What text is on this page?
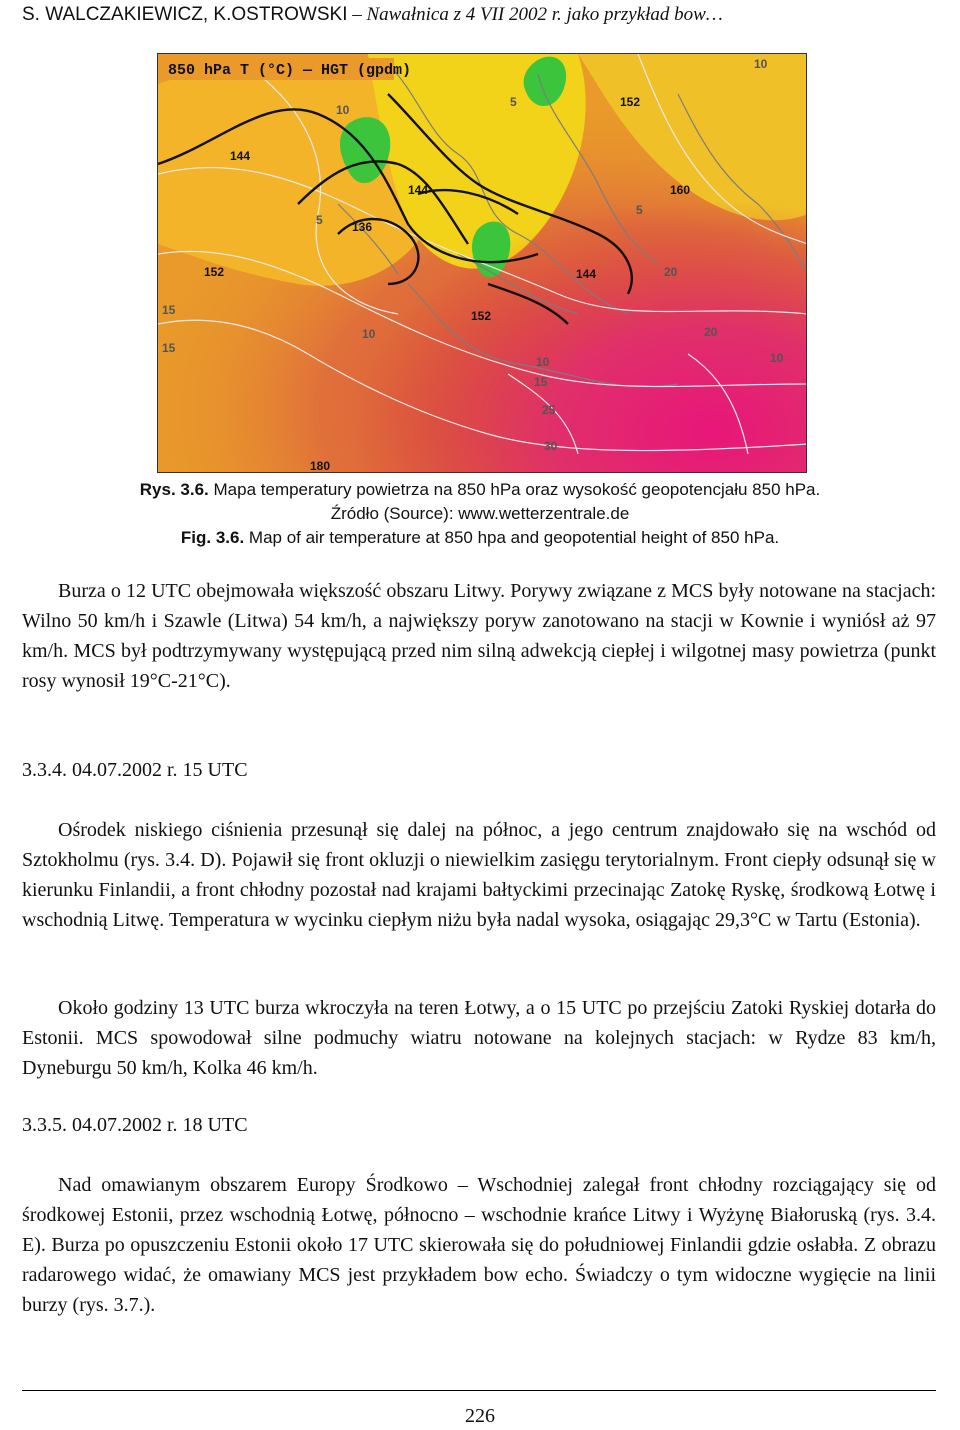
S. WALCZAKIEWICZ, K.OSTROWSKI – Nawałnica z 4 VII 2002 r. jako przykład bow…
850 hPa T (°C) — HGT (gpdm)	10
144
136
144
144
152
152
160
10
15
10
5
15
5
5
10
20
20
25
30
10
15
152
180
Rys. 3.6. Mapa temperatury powietrza na 850 hPa oraz wysokość geopotencjału 850 hPa.
Źródło (Source): www.wetterzentrale.de
Fig. 3.6. Map of air temperature at 850 hpa and geopotential height of 850 hPa.

Burza o 12 UTC obejmowała większość obszaru Litwy. Porywy związane z MCS były notowane na stacjach: Wilno 50 km/h i Szawle (Litwa) 54 km/h, a największy poryw zanotowano na stacji w Kownie i wyniósł aż 97 km/h. MCS był podtrzymywany występującą przed nim silną adwekcją ciepłej i wilgotnej masy powietrza (punkt rosy wynosił 19°C-21°C).

3.3.4. 04.07.2002 r. 15 UTC

Ośrodek niskiego ciśnienia przesunął się dalej na północ, a jego centrum znajdowało się na wschód od Sztokholmu (rys. 3.4. D). Pojawił się front okluzji o niewielkim zasięgu terytorialnym. Front ciepły odsunął się w kierunku Finlandii, a front chłodny pozostał nad krajami bałtyckimi przecinając Zatokę Ryskę, środkową Łotwę i wschodnią Litwę. Temperatura w wycinku ciepłym niżu była nadal wysoka, osiągając 29,3°C w Tartu (Estonia).

Około godziny 13 UTC burza wkroczyła na teren Łotwy, a o 15 UTC po przejściu Zatoki Ryskiej dotarła do Estonii. MCS spowodował silne podmuchy wiatru notowane na kolejnych stacjach: w Rydze 83 km/h, Dyneburgu 50 km/h, Kolka 46 km/h.

3.3.5. 04.07.2002 r. 18 UTC

Nad omawianym obszarem Europy Środkowo – Wschodniej zalegał front chłodny rozciągający się od środkowej Estonii, przez wschodnią Łotwę, północno – wschodnie krańce Litwy i Wyżynę Białoruską (rys. 3.4. E). Burza po opuszczeniu Estonii około 17 UTC skierowała się do południowej Finlandii gdzie osłabła. Z obrazu radarowego widać, że omawiany MCS jest przykładem bow echo. Świadczy o tym widoczne wygięcie na linii burzy (rys. 3.7.).

226
